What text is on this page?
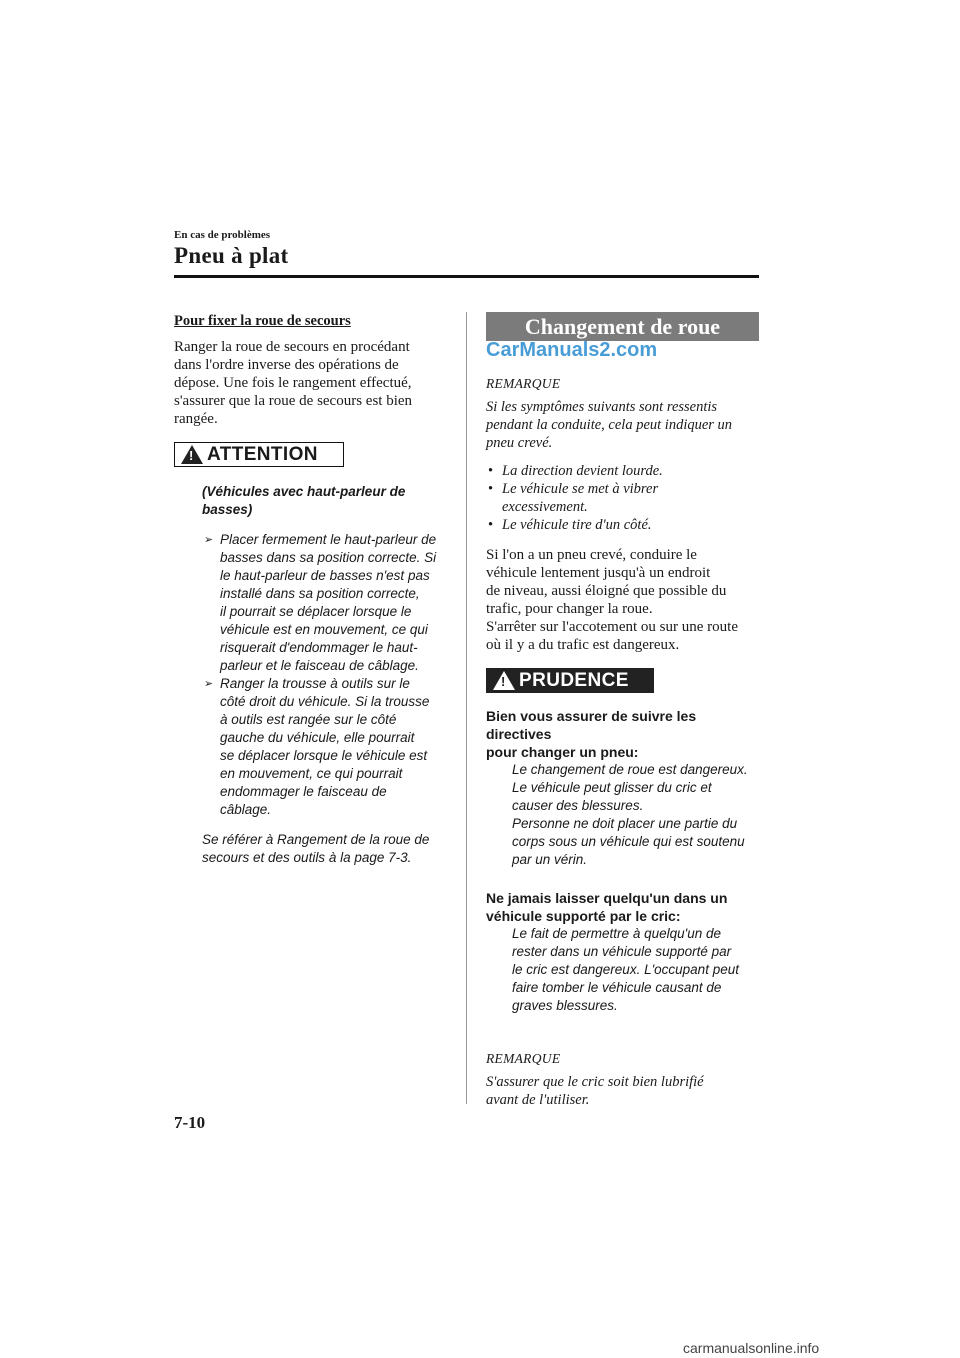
En cas de problèmes
Pneu à plat
Pour fixer la roue de secours
Ranger la roue de secours en procédant
dans l'ordre inverse des opérations de
dépose. Une fois le rangement effectué,
s'assurer que la roue de secours est bien
rangée.
!
ATTENTION
(Véhicules avec haut-parleur de
basses)
➢ Placer fermement le haut-parleur de
basses dans sa position correcte. Si
le haut-parleur de basses n'est pas
installé dans sa position correcte,
il pourrait se déplacer lorsque le
véhicule est en mouvement, ce qui
risquerait d'endommager le haut-
parleur et le faisceau de câblage.
➢ Ranger la trousse à outils sur le
côté droit du véhicule. Si la trousse
à outils est rangée sur le côté
gauche du véhicule, elle pourrait
se déplacer lorsque le véhicule est
en mouvement, ce qui pourrait
endommager le faisceau de
câblage.
Se référer à Rangement de la roue de
secours et des outils à la page 7-3.
Changement de roue
CarManuals2.com
REMARQUE
Si les symptômes suivants sont ressentis
pendant la conduite, cela peut indiquer un
pneu crevé.
• La direction devient lourde.
• Le véhicule se met à vibrer
excessivement.
• Le véhicule tire d'un côté.
Si l'on a un pneu crevé, conduire le
véhicule lentement jusqu'à un endroit
de niveau, aussi éloigné que possible du
trafic, pour changer la roue.
S'arrêter sur l'accotement ou sur une route
où il y a du trafic est dangereux.
!
PRUDENCE
Bien vous assurer de suivre les directives
pour changer un pneu:
Le changement de roue est dangereux.
Le véhicule peut glisser du cric et
causer des blessures.
Personne ne doit placer une partie du
corps sous un véhicule qui est soutenu
par un vérin.
Ne jamais laisser quelqu'un dans un
véhicule supporté par le cric:
Le fait de permettre à quelqu'un de
rester dans un véhicule supporté par
le cric est dangereux. L'occupant peut
faire tomber le véhicule causant de
graves blessures.
REMARQUE
S'assurer que le cric soit bien lubrifié
avant de l'utiliser.
7-10
carmanualsonline.info
